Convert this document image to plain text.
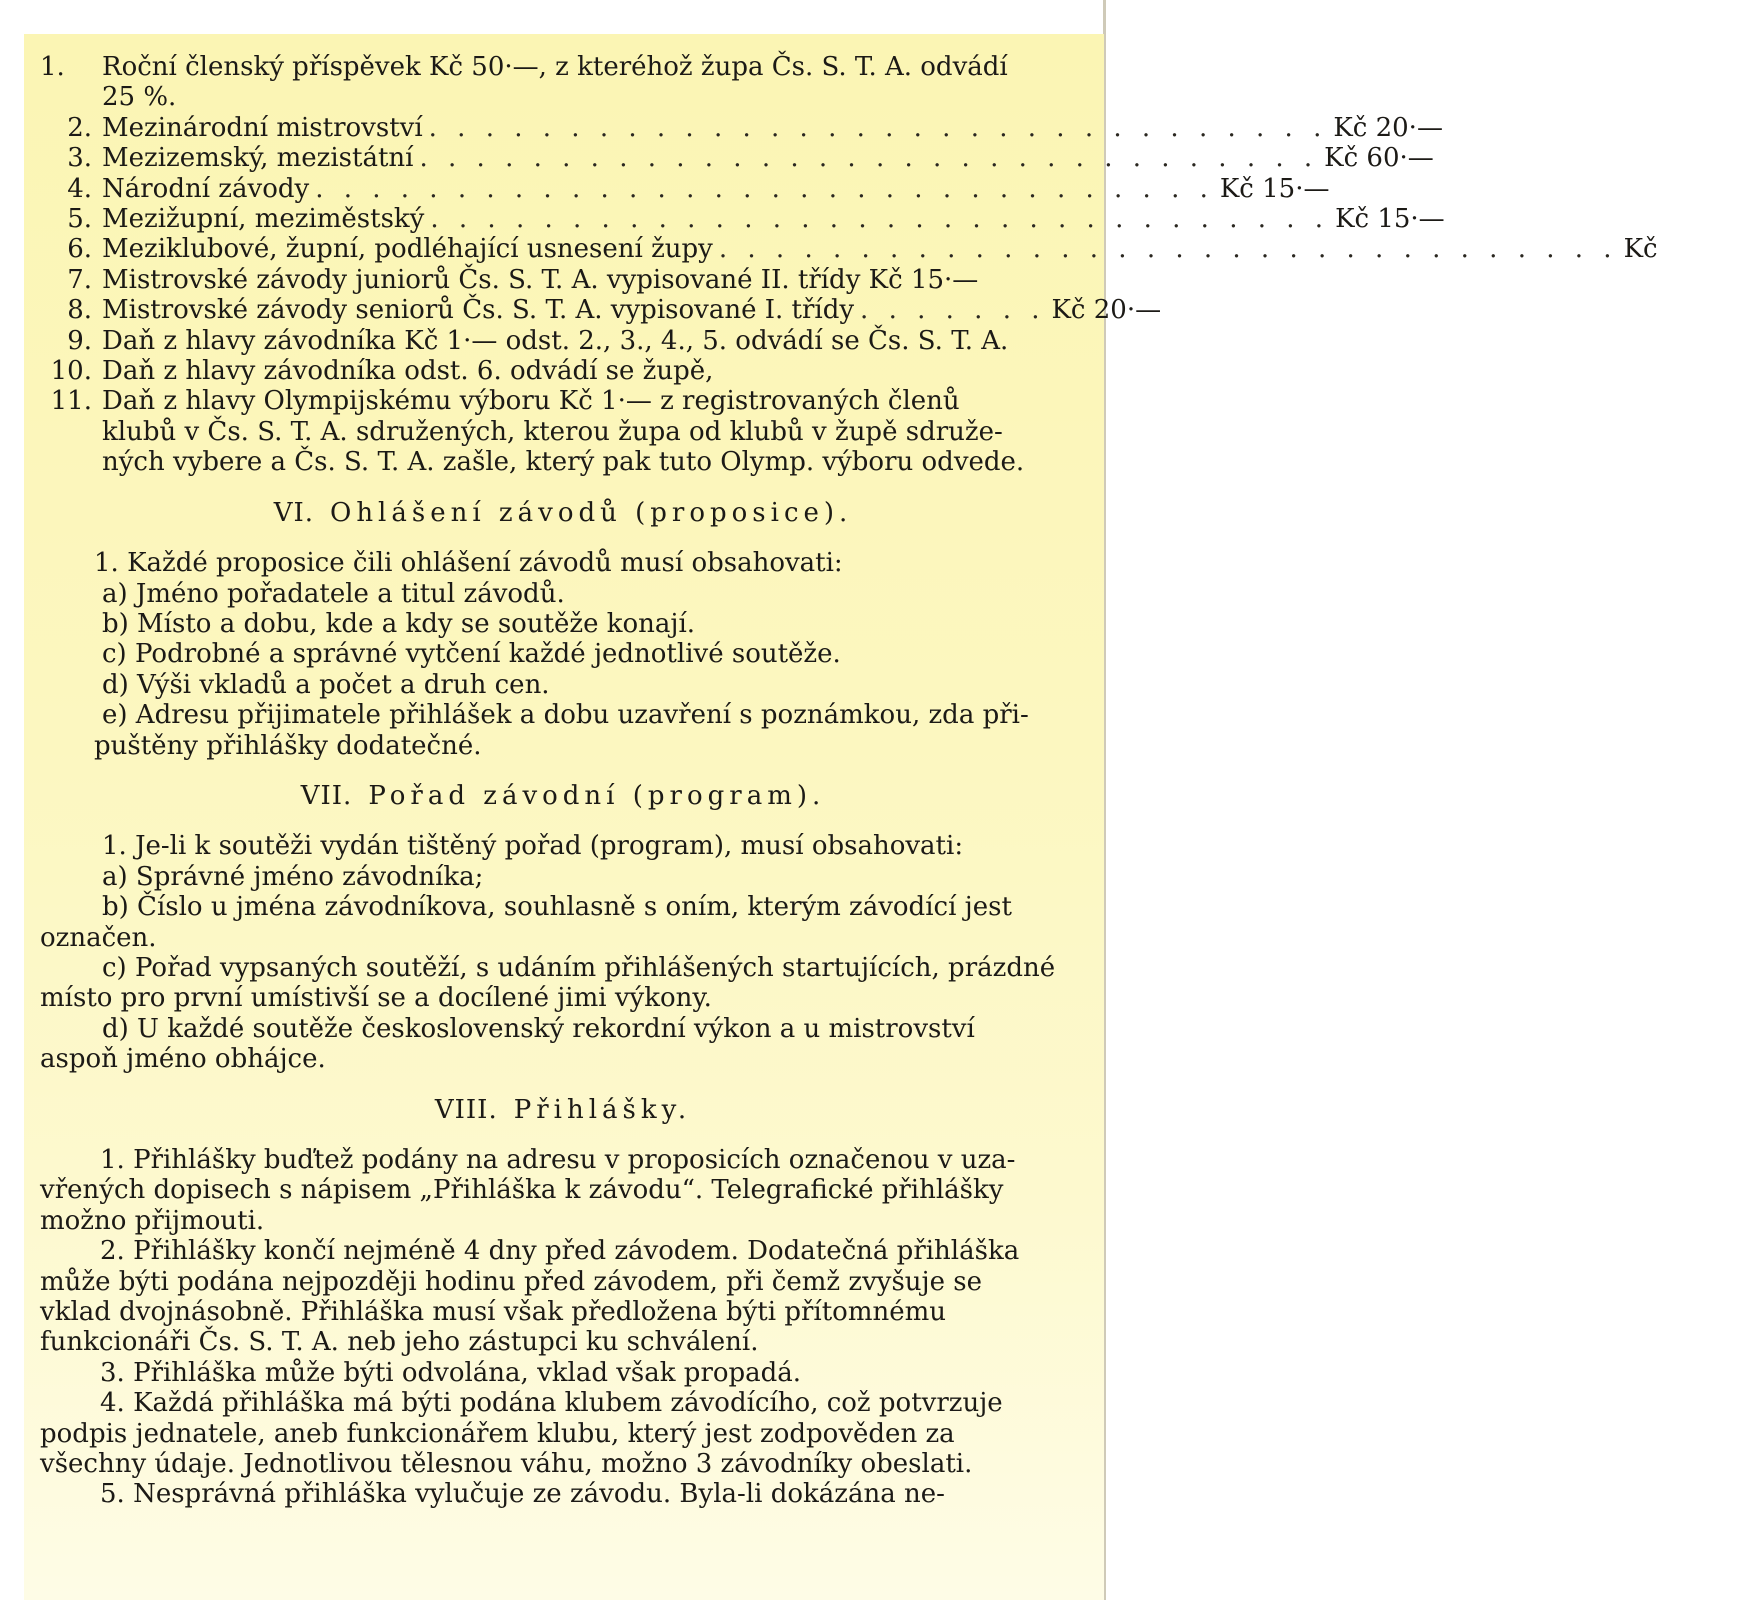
1.	Roční členský příspěvek Kč 50·—, z kteréhož župa Čs. S. T. A. odvádí
25 %.
2. Mezinárodní mistrovství . . . . . . . . . . . . . . . . . . . . . . . . . . . . . . . . Kč 20·—
3. Mezizemský, mezistátní . . . . . . . . . . . . . . . . . . . . . . . . . . . . . . . . Kč 60·—
4. Národní závody . . . . . . . . . . . . . . . . . . . . . . . . . . . . . . . . Kč 15·—
5. Mezižupní, meziměstský . . . . . . . . . . . . . . . . . . . . . . . . . . . . . . . . Kč 15·—
6. Meziklubové, župní, podléhající usnesení župy . . . . . . . . . . . . . . . . . . . . . . . . . . . . . . . . Kč
7. Mistrovské závody juniorů Čs. S. T. A. vypisované II. třídy Kč 15·—
8. Mistrovské závody seniorů Čs. S. T. A. vypisované I. třídy . . . . . . . Kč 20·—
9. Daň z hlavy závodníka Kč 1·— odst. 2., 3., 4., 5. odvádí se Čs. S. T. A.
10. Daň z hlavy závodníka odst. 6. odvádí se župě,
11. Daň z hlavy Olympijskému výboru Kč 1·— z registrovaných členů
klubů v Čs. S. T. A. sdružených, kterou župa od klubů v župě sdruže-
ných vybere a Čs. S. T. A. zašle, který pak tuto Olymp. výboru odvede.
VI. Ohlášení závodů (proposice).
1. Každé proposice čili ohlášení závodů musí obsahovati:
a) Jméno pořadatele a titul závodů.
b) Místo a dobu, kde a kdy se soutěže konají.
c) Podrobné a správné vytčení každé jednotlivé soutěže.
d) Výši vkladů a počet a druh cen.
e) Adresu přijimatele přihlášek a dobu uzavření s poznámkou, zda při-
puštěny přihlášky dodatečné.
VII. Pořad závodní (program).
1. Je-li k soutěži vydán tištěný pořad (program), musí obsahovati:
a) Správné jméno závodníka;
b) Číslo u jména závodníkova, souhlasně s oním, kterým závodící jest
označen.
c) Pořad vypsaných soutěží, s udáním přihlášených startujících, prázdné
místo pro první umístivší se a docílené jimi výkony.
d) U každé soutěže československý rekordní výkon a u mistrovství
aspoň jméno obhájce.
VIII. Přihlášky.
1. Přihlášky buďtež podány na adresu v proposicích označenou v uza-
vřených dopisech s nápisem „Přihláška k závodu“. Telegrafické přihlášky
možno přijmouti.
2. Přihlášky končí nejméně 4 dny před závodem. Dodatečná přihláška
může býti podána nejpozději hodinu před závodem, při čemž zvyšuje se
vklad dvojnásobně. Přihláška musí však předložena býti přítomnému
funkcionáři Čs. S. T. A. neb jeho zástupci ku schválení.
3. Přihláška může býti odvolána, vklad však propadá.
4. Každá přihláška má býti podána klubem závodícího, což potvrzuje
podpis jednatele, aneb funkcionářem klubu, který jest zodpověden za
všechny údaje. Jednotlivou tělesnou váhu, možno 3 závodníky obeslati.
5. Nesprávná přihláška vylučuje ze závodu. Byla-li dokázána ne-
